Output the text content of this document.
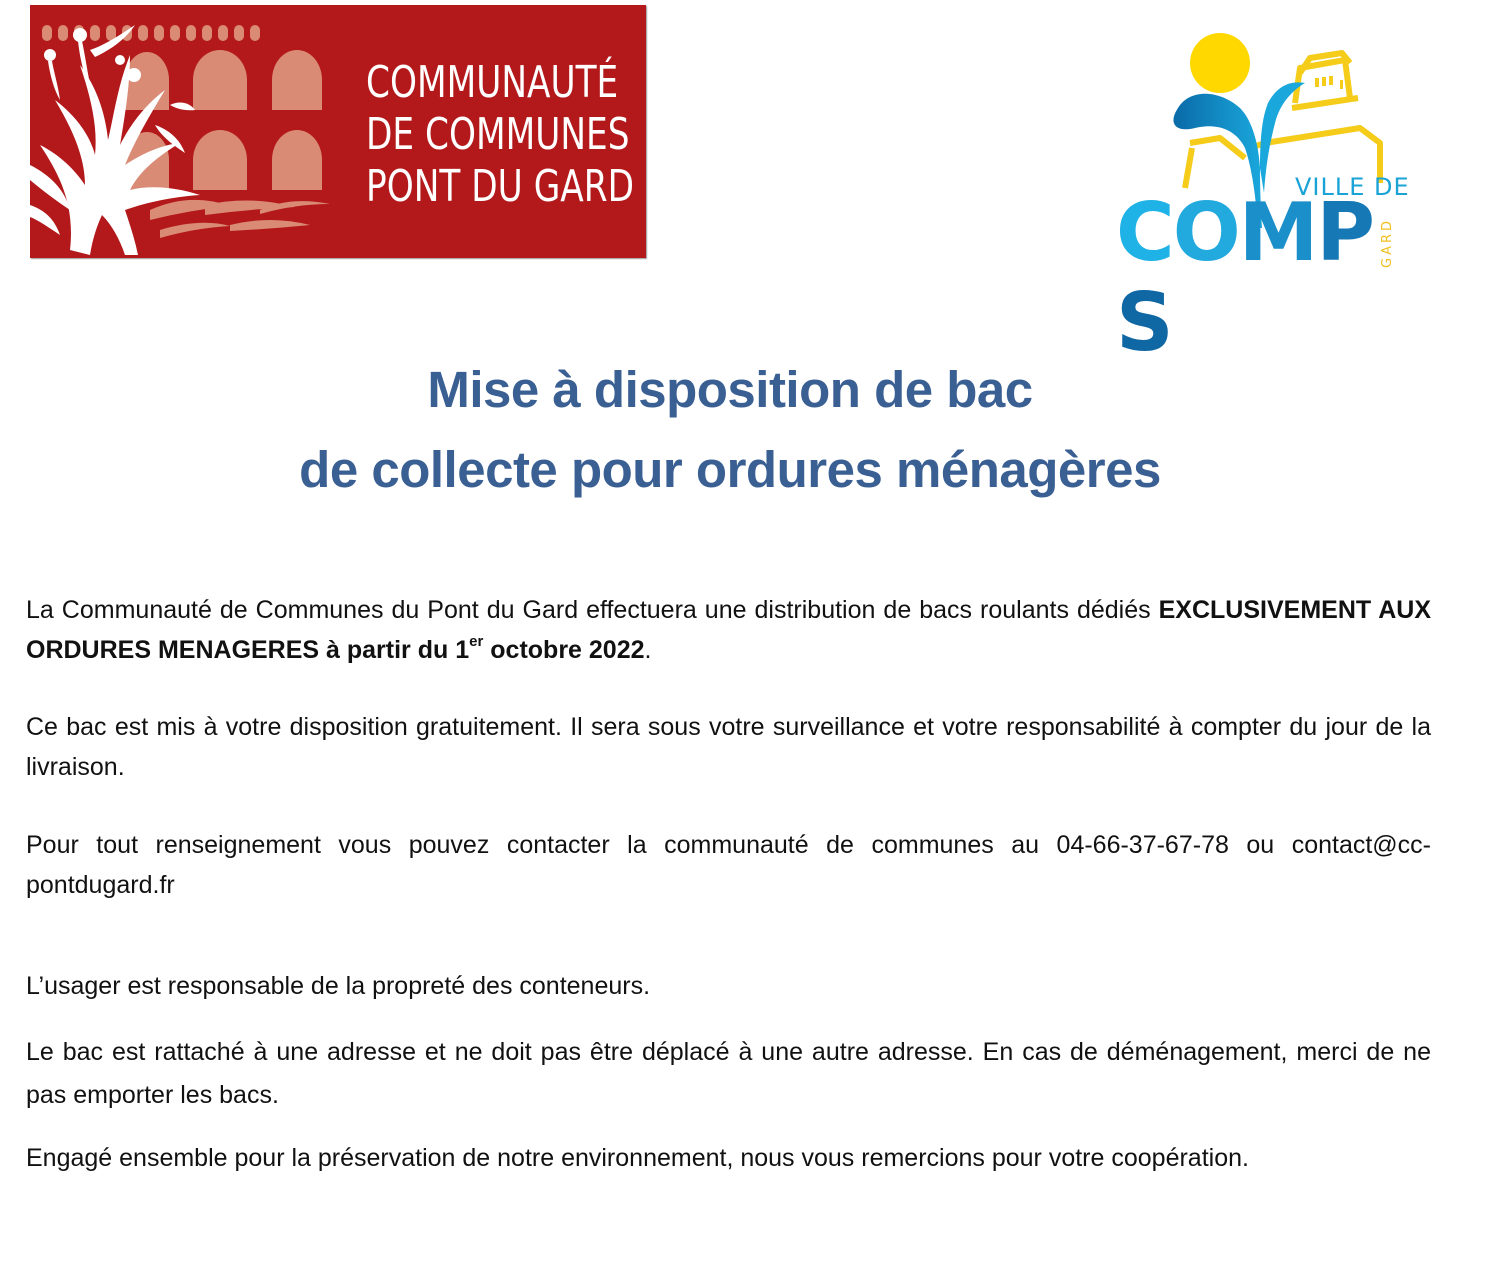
COMMUNAUTÉ
DE COMMUNES
PONT DU GARD	VILLE DE
COMPS
GARD
Mise à disposition de bac
de collecte pour ordures ménagères

La Communauté de Communes du Pont du Gard effectuera une distribution de bacs roulants dédiés EXCLUSIVEMENT AUX ORDURES MENAGERES à partir du 1er octobre 2022.

Ce bac est mis à votre disposition gratuitement. Il sera sous votre surveillance et votre responsabilité à compter du jour de la livraison.

Pour tout renseignement vous pouvez contacter la communauté de communes au 04-66-37-67-78 ou contact@cc-pontdugard.fr

L’usager est responsable de la propreté des conteneurs.

Le bac est rattaché à une adresse et ne doit pas être déplacé à une autre adresse. En cas de déménagement, merci de ne pas emporter les bacs.

Engagé ensemble pour la préservation de notre environnement, nous vous remercions pour votre coopération.
